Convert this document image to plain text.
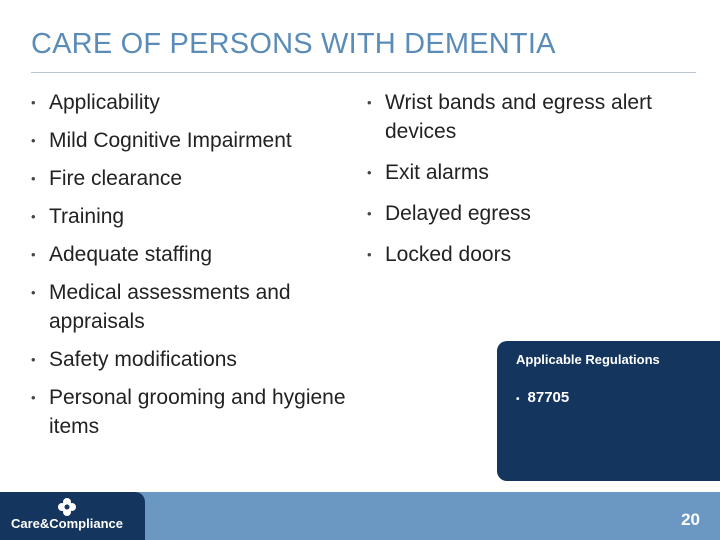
CARE OF PERSONS WITH DEMENTIA
• Applicability
• Mild Cognitive Impairment
• Fire clearance
• Training
• Adequate staffing
• Medical assessments and appraisals
• Safety modifications
• Personal grooming and hygiene items
• Wrist bands and egress alert devices
• Exit alarms
• Delayed egress
• Locked doors
Applicable Regulations
• 87705
Care&Compliance	20
